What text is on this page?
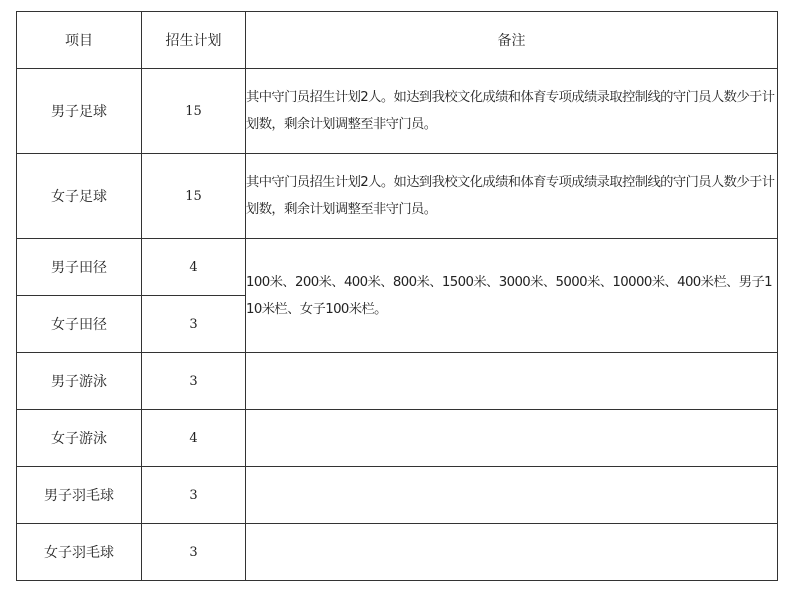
项目	招生计划	备注
男子足球	15	其中守门员招生计划2人。如达到我校文化成绩和体育专项成绩录取控制线的守门员人数少于计划数，剩余计划调整至非守门员。

女子足球	15	其中守门员招生计划2人。如达到我校文化成绩和体育专项成绩录取控制线的守门员人数少于计划数，剩余计划调整至非守门员。

男子田径	4	100米、200米、400米、800米、1500米、3000米、5000米、10000米、400米栏、男子110米栏、女子100米栏。

女子田径	3	
男子游泳	3	
女子游泳	4	
男子羽毛球	3	
女子羽毛球	3	
